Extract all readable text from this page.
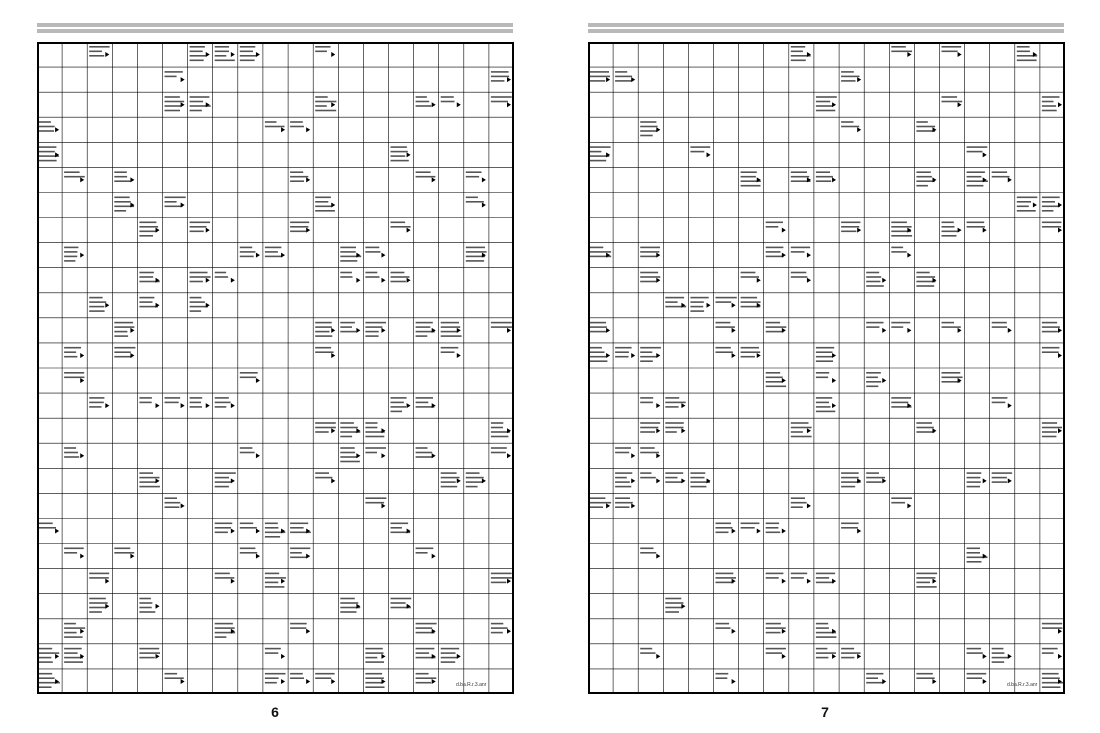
d.ba.R.r.3.anr
6
d.ba.R.r.3.anr
7
